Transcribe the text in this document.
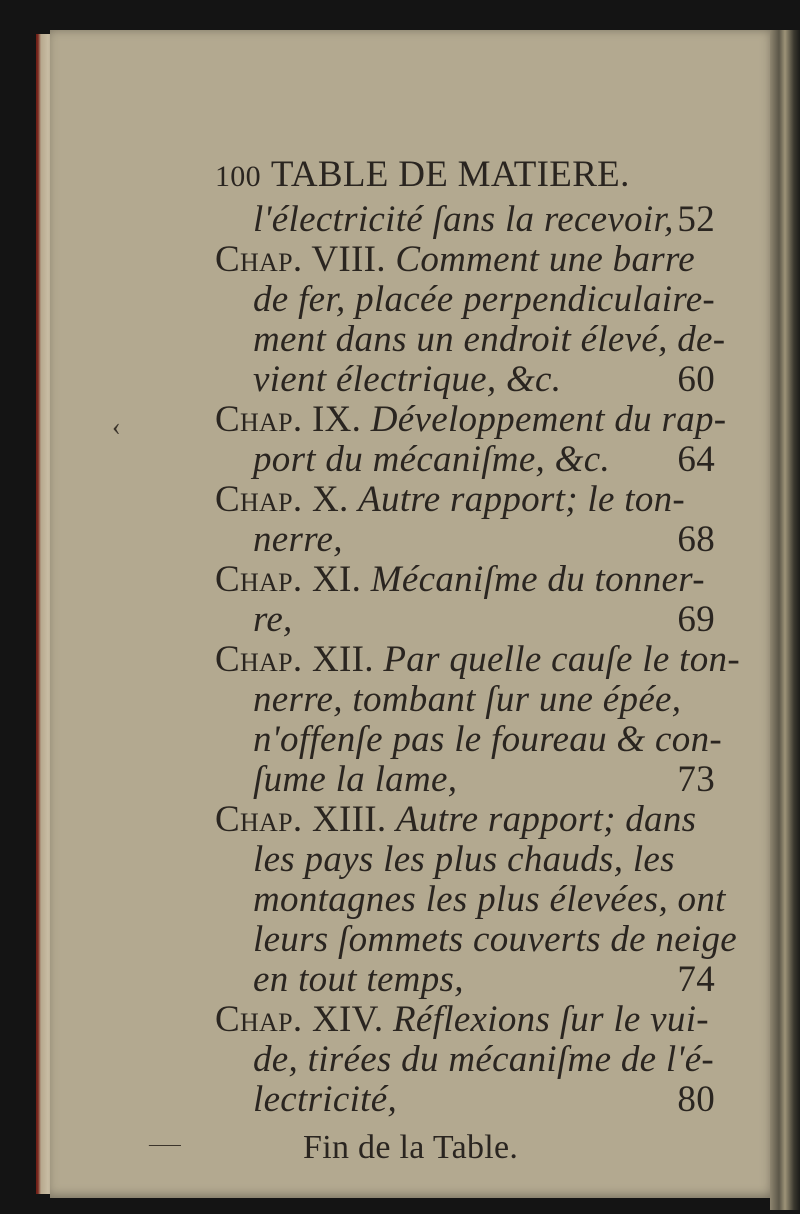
‹
⸺
100 TABLE DE MATIERE.
l'électricité ſans la recevoir, 52
Chap. VIII. Comment une barre
de fer, placée perpendiculaire-
ment dans un endroit élevé, de-
vient électrique, &c.	60
Chap. IX. Développement du rap-
port du mécaniſme, &c. 64
Chap. X. Autre rapport; le ton-
nerre,	68
Chap. XI. Mécaniſme du tonner-
re,	69
Chap. XII. Par quelle cauſe le ton-
nerre, tombant ſur une épée,
n'offenſe pas le foureau & con-
ſume la lame,	73
Chap. XIII. Autre rapport; dans
les pays les plus chauds, les
montagnes les plus élevées, ont
leurs ſommets couverts de neige
en tout temps,	74
Chap. XIV. Réflexions ſur le vui-
de, tirées du mécaniſme de l'é-
lectricité,	80
Fin de la Table.
